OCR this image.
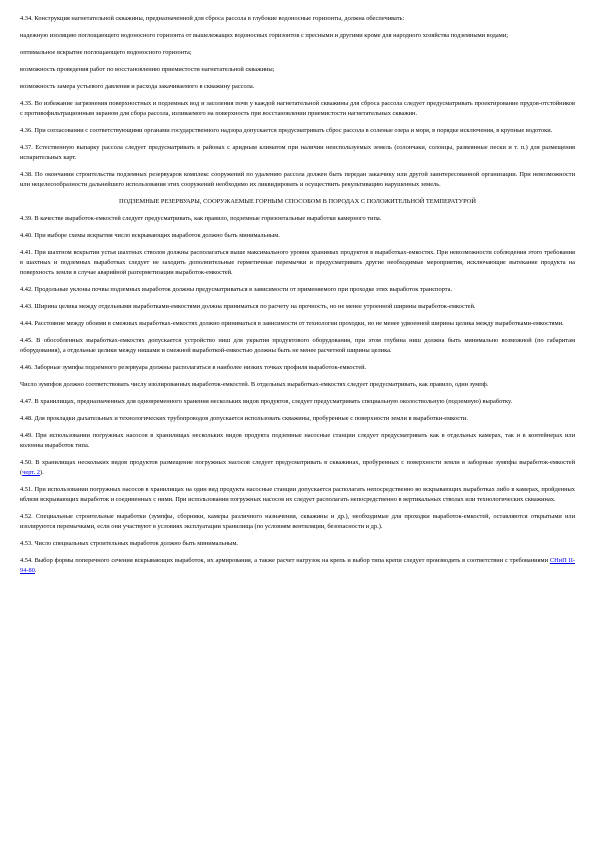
4.34. Конструкция нагнетательной скважины, предназначенной для сброса рассола в глубокие водоносные горизонты, должна обеспечивать:

надежную изоляцию поглощающего водоносного горизонта от вышележащих водоносных горизонтов с пресными и другими кроме для народного хозяйства подземными водами;

оптимальное вскрытие поглощающего водоносного горизонта;

возможность проведения работ по восстановлению приемистости нагнетательной скважины;

возможность замера устьевого давления и расхода закачиваемого в скважину рассола.

4.35. Во избежание загрязнения поверхностных и подземных вод и засоления почв у каждой нагнетательной скважины для сброса рассола следует предусматривать проектирование прудов-отстойников с противофильтрационным экраном для сбора рассола, изливаемого на поверхность при восстановлении приемистости нагнетательных скважин.

4.36. При согласовании с соответствующими органами государственного надзора допускается предусматривать сброс рассола в соленые озера и моря, в порядке исключения, в крупные водотоки.

4.37. Естественную выпарку рассола следует предусматривать в районах с аридным климатом при наличии неиспользуемых земель (солончаки, солонцы, развеянные пески и т. п.) для размещения испарительных карт.

4.38. По окончании строительства подземных резервуаров комплекс сооружений по удалению рассола должен быть передан заказчику или другой заинтересованной организации. При невозможности или нецелесообразности дальнейшего использования этих сооружений необходимо их ликвидировать и осуществить рекультивацию нарушенных земель.

ПОДЗЕМНЫЕ РЕЗЕРВУАРЫ, СООРУЖАЕМЫЕ ГОРНЫМ СПОСОБОМ В ПОРОДАХ С ПОЛОЖИТЕЛЬНОЙ ТЕМПЕРАТУРОЙ

4.39. В качестве выработок-емкостей следует предусматривать, как правило, подземные горизонтальные выработки камерного типа.

4.40. При выборе схемы вскрытия число вскрывающих выработок должно быть минимальным.

4.41. При шахтном вскрытии устья шахтных стволов должны располагаться выше максимального уровня хранимых продуктов в выработках-емкостях. При невозможности соблюдения этого требования в шахтных и подземных выработках следует не заходить дополнительные герметичные перемычки и предусматривать другие необходимые мероприятия, исключающие вытекание продукта на поверхность земли в случае аварийной разгерметизации выработок-емкостей.

4.42. Продольные уклоны почвы подземных выработок должны предусматриваться в зависимости от применяемого при проходке этих выработок транспорта.

4.43. Ширина целика между отдельными выработками-емкостями должна приниматься по расчету на прочность, но не менее утроенной ширины выработок-емкостей.

4.44. Расстояние между обоими в смежных выработках-емкостях должно приниматься в зависимости от технологии проходки, но не менее удвоенной ширины целика между выработками-емкостями.

4.45. В обособленных выработках-емкостях допускается устройство ниш для укрытия продуктового оборудования, при этом глубина ниш должна быть минимально возможной (по габаритам оборудования), а отдельные целики между нишами и смежной выработкой-емкостью должны быть не менее расчетной ширины целика.

4.46. Заборные зумпфы подземного резервуара должны располагаться в наиболее низких точках профиля выработок-емкостей.

Число зумпфов должно соответствовать числу изолированных выработок-емкостей. В отдельных выработках-емкостях следует предусматривать, как правило, один зумпф.

4.47. В хранилищах, предназначенных для одновременного хранения нескольких видов продуктов, следует предусматривать специальную околоствольную (подземную) выработку.

4.48. Для прокладки дыхательных и технологических трубопроводов допускается использовать скважины, пробуренные с поверхности земли в выработки-емкости.

4.49. При использовании погружных насосов в хранилищах нескольких видов продукта подземные насосные станции следует предусматривать как в отдельных камерах, так и в контейнерах или колонны выработок типа.

4.50. В хранилищах нескольких видов продуктов размещение погружных насосов следует предусматривать в скважинах, пробуренных с поверхности земли в заборные зумпфы выработок-емкостей (черт. 2).

4.51. При использовании погружных насосов в хранилищах на один вид продукта насосные станции допускается располагать непосредственно во вскрывающих выработках либо в камерах, пройденных вблизи вскрывающих выработок и соединенных с ними. При использовании погружных насосов их следует располагать непосредственно в вертикальных стволах или технологических скважинах.

4.52. Специальные строительные выработки (зумпфы, сборники, камеры различного назначения, скважины и др.), необходимые для проходки выработок-емкостей, оставляются открытыми или изолируются перемычками, если они участвуют в условиях эксплуатации хранилища (по условиям вентиляции, безопасности и др.).

4.53. Число специальных строительных выработок должно быть минимальным.

4.54. Выбор формы поперечного сечения вскрывающих выработок, их армирования, а также расчет нагрузок на крепь и выбор типа крепи следует производить в соответствии с требованиями СНиП II-94-80.
